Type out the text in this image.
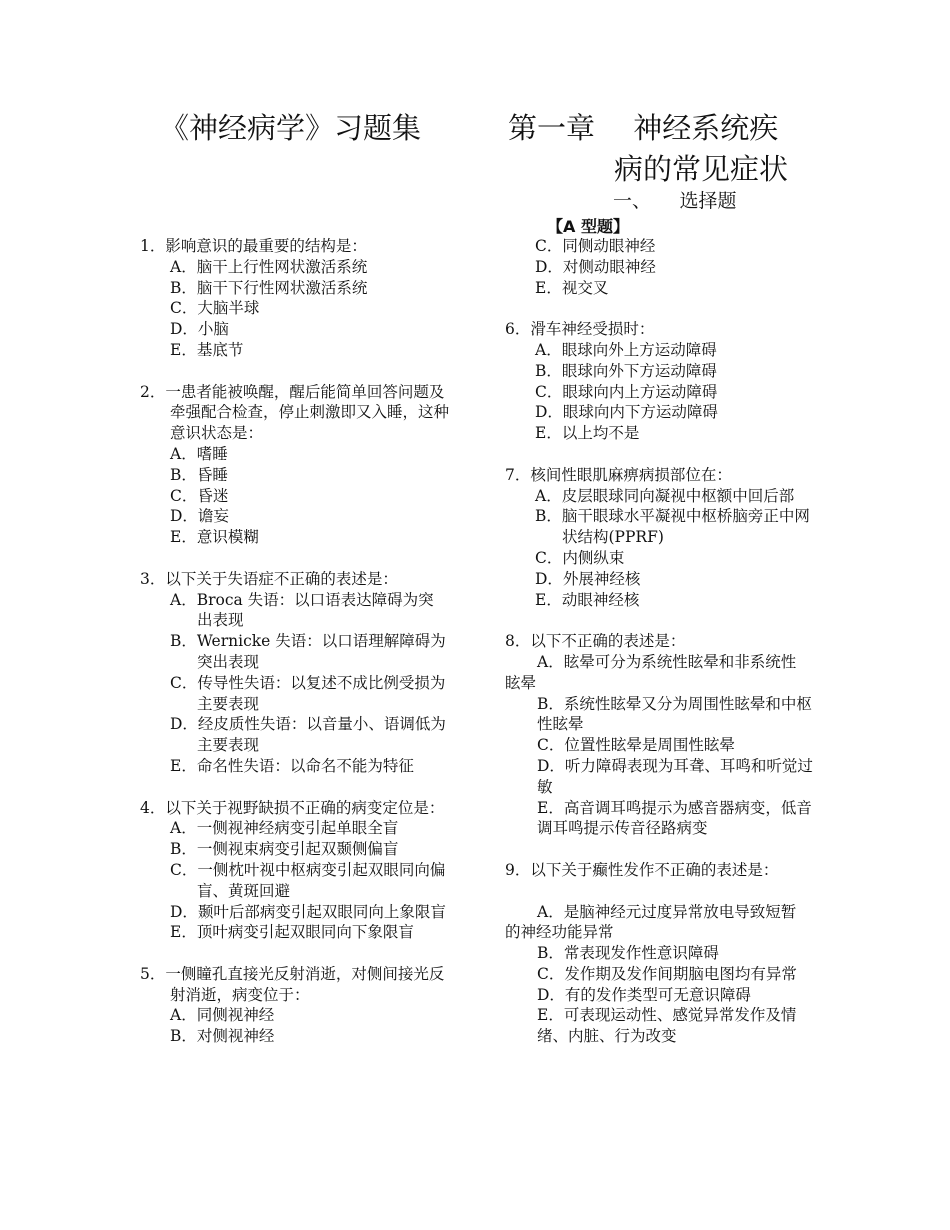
《神经病学》习题集　　　第一章　 神经系统疾
病的常见症状
一、　　选择题
【A 型题】
1．影响意识的最重要的结构是：
A．脑干上行性网状激活系统
B．脑干下行性网状激活系统
C．大脑半球
D．小脑
E．基底节
2．一患者能被唤醒，醒后能简单回答问题及牵强配合检查，停止刺激即又入睡，这种意识状态是：
A．嗜睡
B．昏睡
C．昏迷
D．谵妄
E．意识模糊
3．以下关于失语症不正确的表述是：
A．Broca 失语：以口语表达障碍为突出表现
B．Wernicke 失语：以口语理解障碍为突出表现
C．传导性失语：以复述不成比例受损为主要表现
D．经皮质性失语：以音量小、语调低为主要表现
E．命名性失语：以命名不能为特征
4．以下关于视野缺损不正确的病变定位是：
A．一侧视神经病变引起单眼全盲
B．一侧视束病变引起双颞侧偏盲
C．一侧枕叶视中枢病变引起双眼同向偏盲、黄斑回避
D．颞叶后部病变引起双眼同向上象限盲
E．顶叶病变引起双眼同向下象限盲
5．一侧瞳孔直接光反射消逝，对侧间接光反射消逝，病变位于：
A．同侧视神经
B．对侧视神经
C．同侧动眼神经
D．对侧动眼神经
E．视交叉
6．滑车神经受损时：
A．眼球向外上方运动障碍
B．眼球向外下方运动障碍
C．眼球向内上方运动障碍
D．眼球向内下方运动障碍
E．以上均不是
7．核间性眼肌麻痹病损部位在：
A．皮层眼球同向凝视中枢额中回后部
B．脑干眼球水平凝视中枢桥脑旁正中网状结构(PPRF)
C．内侧纵束
D．外展神经核
E．动眼神经核
8．以下不正确的表述是：
A．眩晕可分为系统性眩晕和非系统性眩晕
B．系统性眩晕又分为周围性眩晕和中枢性眩晕
C．位置性眩晕是周围性眩晕
D．听力障碍表现为耳聋、耳鸣和听觉过敏
E．高音调耳鸣提示为感音器病变，低音调耳鸣提示传音径路病变
9．以下关于癫性发作不正确的表述是：
A．是脑神经元过度异常放电导致短暂的神经功能异常
B．常表现发作性意识障碍
C．发作期及发作间期脑电图均有异常
D．有的发作类型可无意识障碍
E．可表现运动性、感觉异常发作及情绪、内脏、行为改变
